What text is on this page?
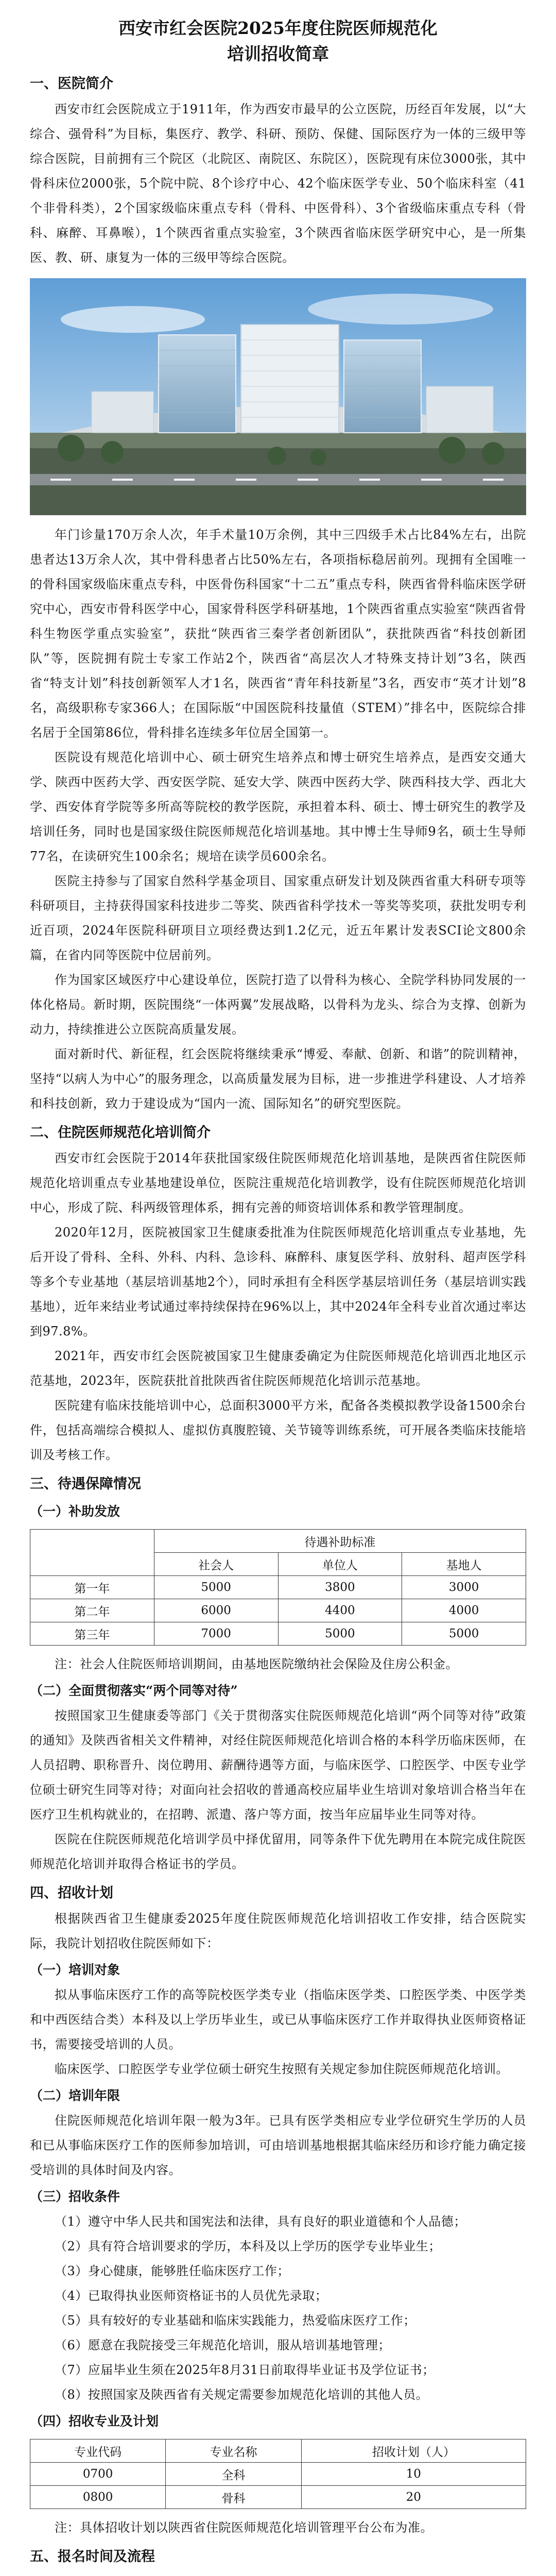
西安市红会医院2025年度住院医师规范化
培训招收简章
一、医院简介

西安市红会医院成立于1911年，作为西安市最早的公立医院，历经百年发展，以“大综合、强骨科”为目标，集医疗、教学、科研、预防、保健、国际医疗为一体的三级甲等综合医院，目前拥有三个院区（北院区、南院区、东院区），医院现有床位3000张，其中骨科床位2000张，5个院中院、8个诊疗中心、42个临床医学专业、50个临床科室（41个非骨科类），2个国家级临床重点专科（骨科、中医骨科）、3个省级临床重点专科（骨科、麻醉、耳鼻喉），1个陕西省重点实验室，3个陕西省临床医学研究中心，是一所集医、教、研、康复为一体的三级甲等综合医院。

年门诊量170万余人次，年手术量10万余例，其中三四级手术占比84%左右，出院患者达13万余人次，其中骨科患者占比50%左右，各项指标稳居前列。现拥有全国唯一的骨科国家级临床重点专科，中医骨伤科国家“十二五”重点专科，陕西省骨科临床医学研究中心，西安市骨科医学中心，国家骨科医学科研基地，1个陕西省重点实验室“陕西省骨科生物医学重点实验室”，获批“陕西省三秦学者创新团队”，获批陕西省“科技创新团队”等，医院拥有院士专家工作站2个，陕西省“高层次人才特殊支持计划”3名，陕西省“特支计划”科技创新领军人才1名，陕西省“青年科技新星”3名，西安市“英才计划”8名，高级职称专家366人；在国际版“中国医院科技量值（STEM）”排名中，医院综合排名居于全国第86位，骨科排名连续多年位居全国第一。

医院设有规范化培训中心、硕士研究生培养点和博士研究生培养点，是西安交通大学、陕西中医药大学、西安医学院、延安大学、陕西中医药大学、陕西科技大学、西北大学、西安体育学院等多所高等院校的教学医院，承担着本科、硕士、博士研究生的教学及培训任务，同时也是国家级住院医师规范化培训基地。其中博士生导师9名，硕士生导师77名，在读研究生100余名；规培在读学员600余名。

医院主持参与了国家自然科学基金项目、国家重点研发计划及陕西省重大科研专项等科研项目，主持获得国家科技进步二等奖、陕西省科学技术一等奖等奖项，获批发明专利近百项，2024年医院科研项目立项经费达到1.2亿元，近五年累计发表SCI论文800余篇，在省内同等医院中位居前列。

作为国家区域医疗中心建设单位，医院打造了以骨科为核心、全院学科协同发展的一体化格局。新时期，医院围绕“一体两翼”发展战略，以骨科为龙头、综合为支撑、创新为动力，持续推进公立医院高质量发展。

面对新时代、新征程，红会医院将继续秉承“博爱、奉献、创新、和谐”的院训精神，坚持“以病人为中心”的服务理念，以高质量发展为目标，进一步推进学科建设、人才培养和科技创新，致力于建设成为“国内一流、国际知名”的研究型医院。

二、住院医师规范化培训简介

西安市红会医院于2014年获批国家级住院医师规范化培训基地，是陕西省住院医师规范化培训重点专业基地建设单位，医院注重规范化培训教学，设有住院医师规范化培训中心，形成了院、科两级管理体系，拥有完善的师资培训体系和教学管理制度。

2020年12月，医院被国家卫生健康委批准为住院医师规范化培训重点专业基地，先后开设了骨科、全科、外科、内科、急诊科、麻醉科、康复医学科、放射科、超声医学科等多个专业基地（基层培训基地2个），同时承担有全科医学基层培训任务（基层培训实践基地），近年来结业考试通过率持续保持在96%以上，其中2024年全科专业首次通过率达到97.8%。

2021年，西安市红会医院被国家卫生健康委确定为住院医师规范化培训西北地区示范基地，2023年，医院获批首批陕西省住院医师规范化培训示范基地。

医院建有临床技能培训中心，总面积3000平方米，配备各类模拟教学设备1500余台件，包括高端综合模拟人、虚拟仿真腹腔镜、关节镜等训练系统，可开展各类临床技能培训及考核工作。

三、待遇保障情况
（一）补助发放
	待遇补助标准		
	社会人	单位人	基地人
第一年	5000	3800	3000
第二年	6000	4400	4000
第三年	7000	5000	5000

注：社会人住院医师培训期间，由基地医院缴纳社会保险及住房公积金。

（二）全面贯彻落实“两个同等对待”

按照国家卫生健康委等部门《关于贯彻落实住院医师规范化培训“两个同等对待”政策的通知》及陕西省相关文件精神，对经住院医师规范化培训合格的本科学历临床医师，在人员招聘、职称晋升、岗位聘用、薪酬待遇等方面，与临床医学、口腔医学、中医专业学位硕士研究生同等对待；对面向社会招收的普通高校应届毕业生培训对象培训合格当年在医疗卫生机构就业的，在招聘、派遣、落户等方面，按当年应届毕业生同等对待。

医院在住院医师规范化培训学员中择优留用，同等条件下优先聘用在本院完成住院医师规范化培训并取得合格证书的学员。

四、招收计划

根据陕西省卫生健康委2025年度住院医师规范化培训招收工作安排，结合医院实际，我院计划招收住院医师如下：

（一）培训对象

拟从事临床医疗工作的高等院校医学类专业（指临床医学类、口腔医学类、中医学类和中西医结合类）本科及以上学历毕业生，或已从事临床医疗工作并取得执业医师资格证书，需要接受培训的人员。

临床医学、口腔医学专业学位硕士研究生按照有关规定参加住院医师规范化培训。

（二）培训年限

住院医师规范化培训年限一般为3年。已具有医学类相应专业学位研究生学历的人员和已从事临床医疗工作的医师参加培训，可由培训基地根据其临床经历和诊疗能力确定接受培训的具体时间及内容。

（三）招收条件

（1）遵守中华人民共和国宪法和法律，具有良好的职业道德和个人品德；

（2）具有符合培训要求的学历，本科及以上学历的医学专业毕业生；

（3）身心健康，能够胜任临床医疗工作；

（4）已取得执业医师资格证书的人员优先录取；

（5）具有较好的专业基础和临床实践能力，热爱临床医疗工作；

（6）愿意在我院接受三年规范化培训，服从培训基地管理；

（7）应届毕业生须在2025年8月31日前取得毕业证书及学位证书；

（8）按照国家及陕西省有关规定需要参加规范化培训的其他人员。

（四）招收专业及计划
专业代码	专业名称	招收计划（人）
0700	全科	10
0800	骨科	20

注：具体招收计划以陕西省住院医师规范化培训管理平台公布为准。

五、报名时间及流程
